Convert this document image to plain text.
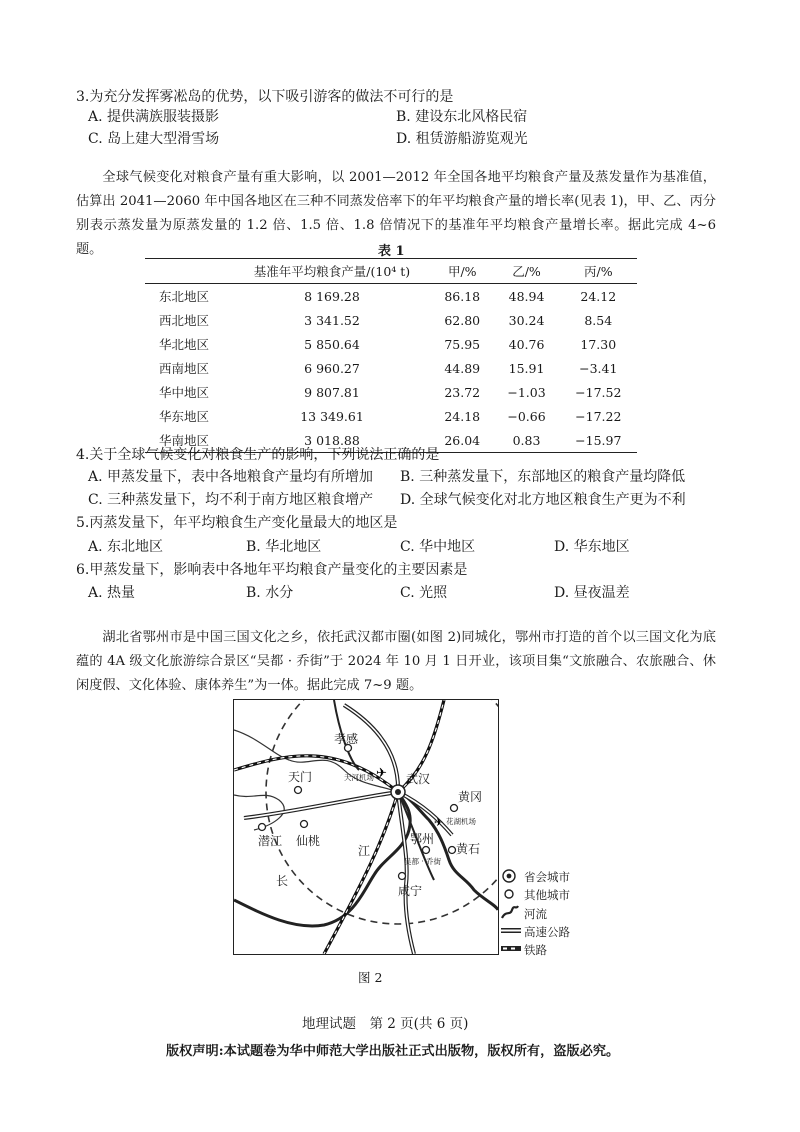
3.为充分发挥雾凇岛的优势，以下吸引游客的做法不可行的是
A. 提供满族服装摄影	B. 建设东北风格民宿
C. 岛上建大型滑雪场	D. 租赁游船游览观光
全球气候变化对粮食产量有重大影响，以 2001—2012 年全国各地平均粮食产量及蒸发量作为基准值，估算出 2041—2060 年中国各地区在三种不同蒸发倍率下的年平均粮食产量的增长率(见表 1)，甲、乙、丙分别表示蒸发量为原蒸发量的 1.2 倍、1.5 倍、1.8 倍情况下的基准年平均粮食产量增长率。据此完成 4~6 题。	表 1
	基准年平均粮食产量/(10⁴ t)	甲/%	乙/%	丙/%
东北地区	8 169.28	86.18	48.94	24.12
西北地区	3 341.52	62.80	30.24	8.54
华北地区	5 850.64	75.95	40.76	17.30
西南地区	6 960.27	44.89	15.91	−3.41
华中地区	9 807.81	23.72	−1.03	−17.52
华东地区	13 349.61	24.18	−0.66	−17.22
华南地区	3 018.88	26.04	0.83	−15.97
4.关于全球气候变化对粮食生产的影响，下列说法正确的是
A. 甲蒸发量下，表中各地粮食产量均有所增加 B. 三种蒸发量下，东部地区的粮食产量均降低
C. 三种蒸发量下，均不利于南方地区粮食增产 D. 全球气候变化对北方地区粮食生产更为不利
5.丙蒸发量下，年平均粮食生产变化量最大的地区是
A. 东北地区	B. 华北地区	C. 华中地区	D. 华东地区
6.甲蒸发量下，影响表中各地年平均粮食产量变化的主要因素是
A. 热量	B. 水分	C. 光照	D. 昼夜温差
湖北省鄂州市是中国三国文化之乡，依托武汉都市圈(如图 2)同城化，鄂州市打造的首个以三国文化为底蕴的 4A 级文化旅游综合景区“吴都 · 乔街”于 2024 年 10 月 1 日开业，该项目集“文旅融合、农旅融合、休闲度假、文化体验、康体养生”为一体。据此完成 7~9 题。
✈
✈
孝感
天门	天河机场	武汉
黄冈
花湖机场
潜江 仙桃
江
长
鄂州
黄石
吴都 · 乔街
咸宁
省会城市
其他城市
河流
高速公路
铁路
图 2
地理试题　第 2 页(共 6 页)
版权声明:本试题卷为华中师范大学出版社正式出版物，版权所有，盗版必究。
